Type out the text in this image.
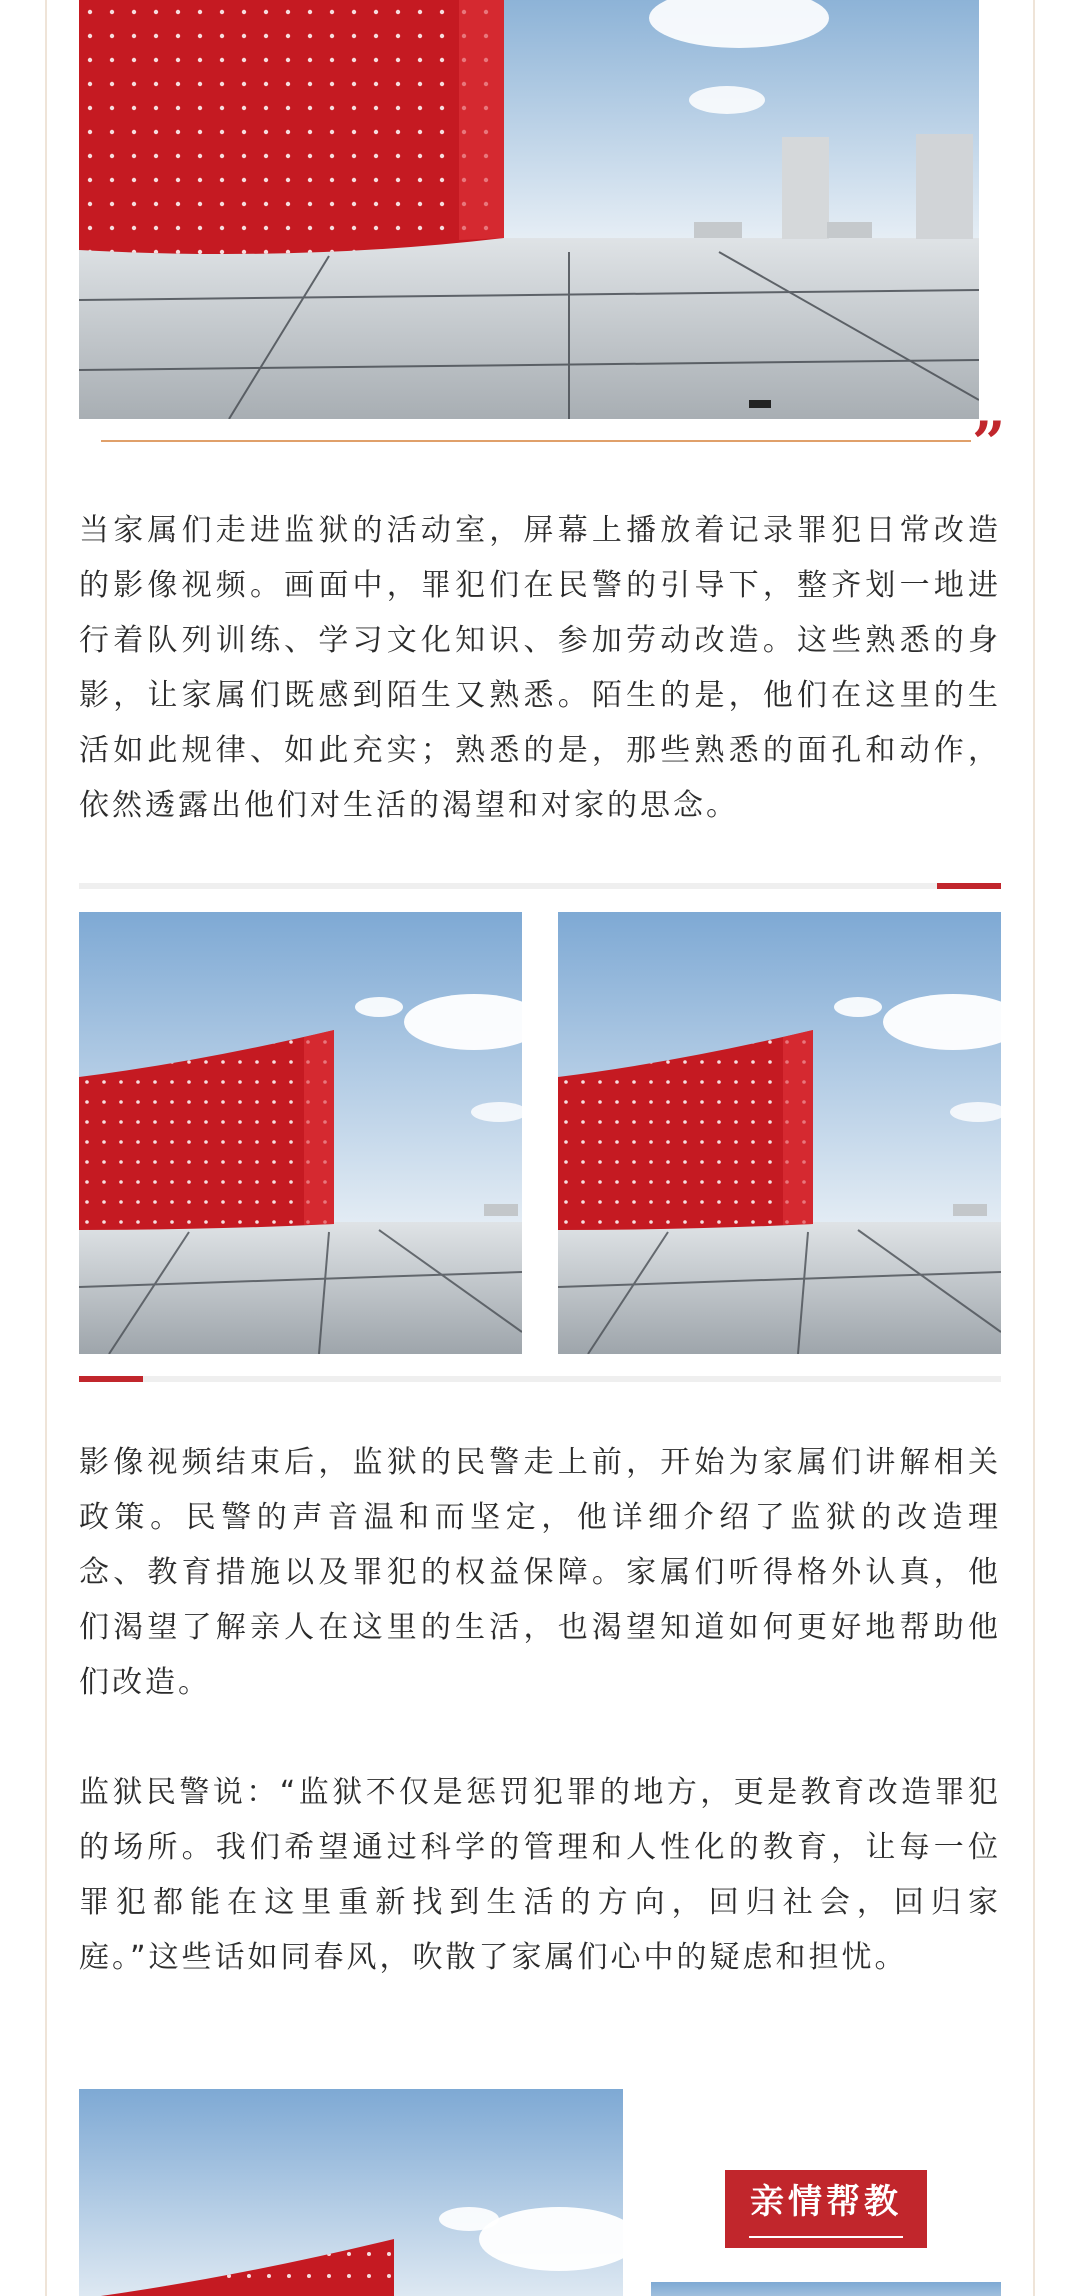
”

当家属们走进监狱的活动室，屏幕上播放着记录罪犯日常改造的影像视频。画面中，罪犯们在民警的引导下，整齐划一地进行着队列训练、学习文化知识、参加劳动改造。这些熟悉的身影，让家属们既感到陌生又熟悉。陌生的是，他们在这里的生活如此规律、如此充实；熟悉的是，那些熟悉的面孔和动作，依然透露出他们对生活的渴望和对家的思念。

影像视频结束后，监狱的民警走上前，开始为家属们讲解相关政策。民警的声音温和而坚定，他详细介绍了监狱的改造理念、教育措施以及罪犯的权益保障。家属们听得格外认真，他们渴望了解亲人在这里的生活，也渴望知道如何更好地帮助他们改造。

监狱民警说：“监狱不仅是惩罚犯罪的地方，更是教育改造罪犯的场所。我们希望通过科学的管理和人性化的教育，让每一位罪犯都能在这里重新找到生活的方向，回归社会，回归家庭。”这些话如同春风，吹散了家属们心中的疑虑和担忧。

亲情帮教
